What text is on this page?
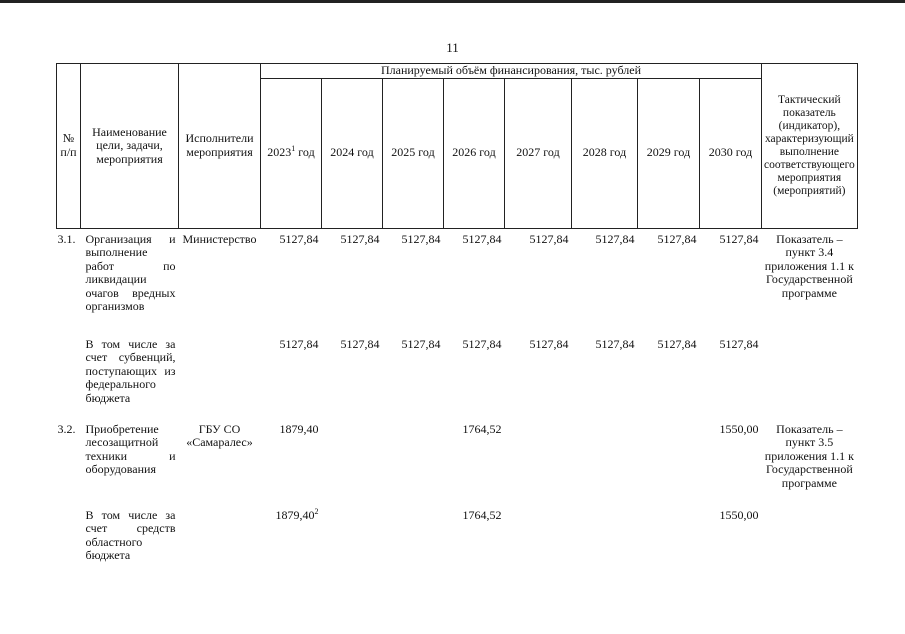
11
№ п/п	Наименование цели, задачи, мероприятия	Исполнители мероприятия	Планируемый объём финансирования, тыс. рублей								Тактический показатель (индикатор), характеризующий выполнение соответствующего мероприятия (мероприятий)
			2023$^1$ год	2024 год	2025 год	2026 год	2027 год	2028 год	2029 год	2030 год	
3.1.	Организация и выполнение работ по ликвидации очагов вредных организмов	Министерство	5127,84	5127,84	5127,84	5127,84	5127,84	5127,84	5127,84	5127,84	Показатель – пункт 3.4 приложения 1.1 к Государственной программе
	В том числе за счет субвенций, поступающих из федерального бюджета		5127,84	5127,84	5127,84	5127,84	5127,84	5127,84	5127,84	5127,84	
3.2.	Приобретение лесозащитной техники и оборудования	ГБУ СО «Самаралес»	1879,40			1764,52				1550,00	Показатель – пункт 3.5 приложения 1.1 к Государственной программе
	В том числе за счет средств областного бюджета		1879,40$^2$			1764,52				1550,00	
